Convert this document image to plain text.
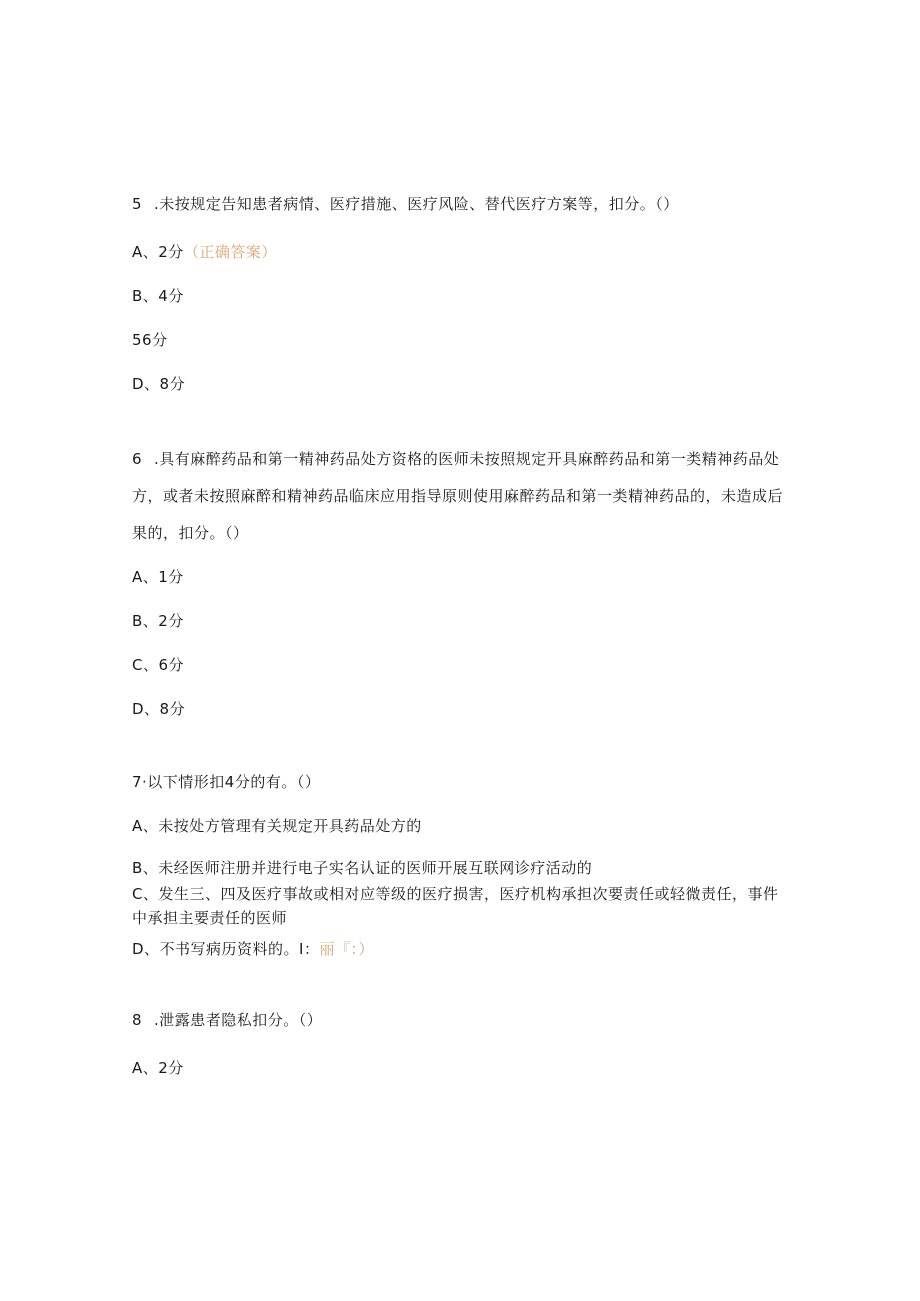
5 .未按规定告知患者病情、医疗措施、医疗风险、替代医疗方案等，扣分。（）
A、2分（正确答案）
B、4分
56分
D、8分
6 .具有麻醉药品和第一精神药品处方资格的医师未按照规定开具麻醉药品和第一类精神药品处方，或者未按照麻醉和精神药品临床应用指导原则使用麻醉药品和第一类精神药品的，未造成后果的，扣分。（）
A、1分
B、2分
C、6分
D、8分
7·以下情形扣4分的有。（）
A、未按处方管理有关规定开具药品处方的
B、未经医师注册并进行电子实名认证的医师开展互联网诊疗活动的
C、发生三、四及医疗事故或相对应等级的医疗损害，医疗机构承担次要责任或轻微责任，事件中承担主要责任的医师
D、不书写病历资料的。I：丽『：）
8 .泄露患者隐私扣分。（）
A、2分
